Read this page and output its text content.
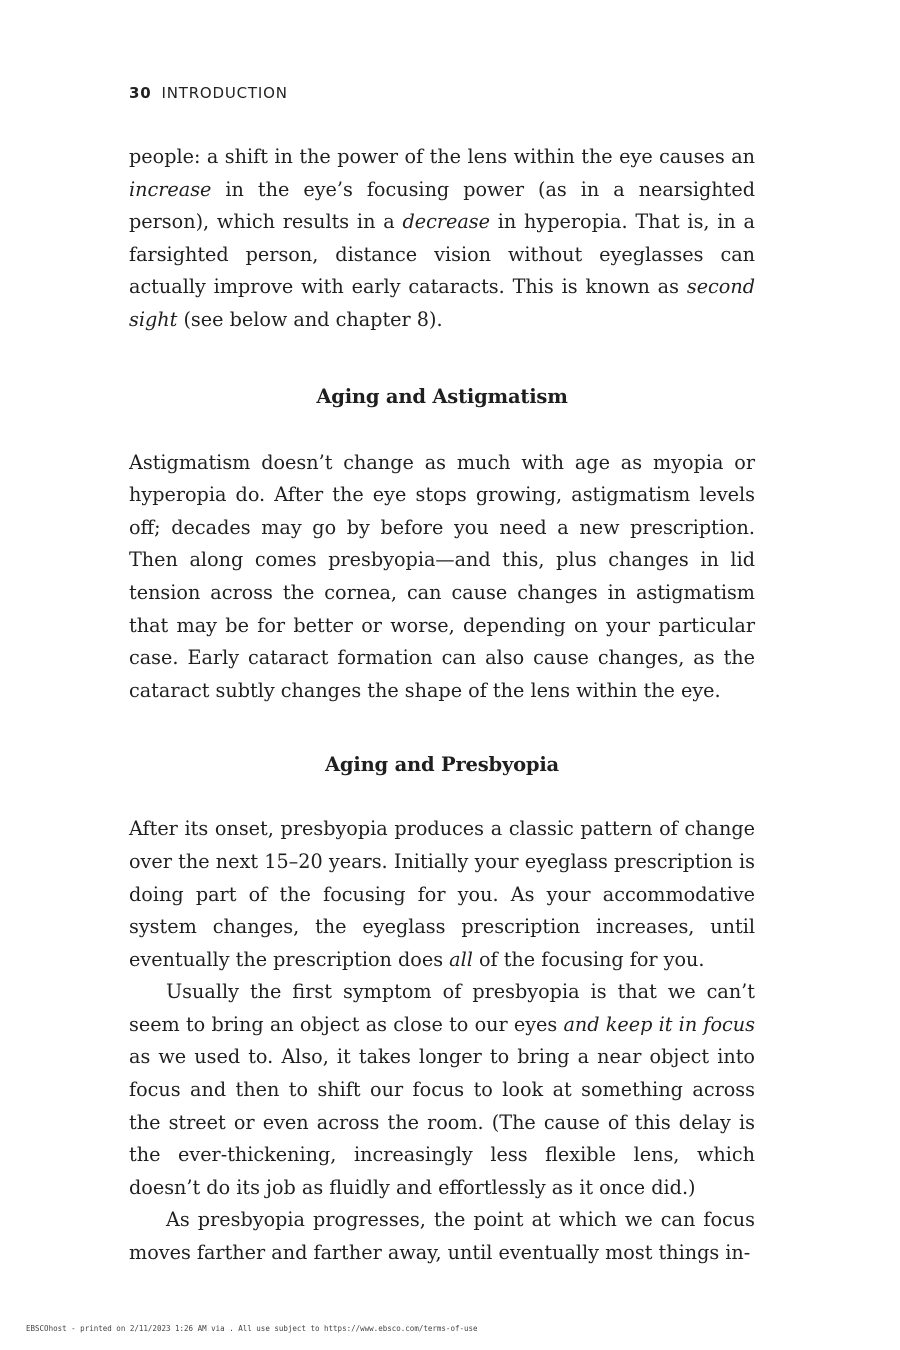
30 INTRODUCTION

people: a shift in the power of the lens within the eye causes an increase in the eye’s focusing power (as in a nearsighted person), which results in a decrease in hyperopia. That is, in a farsighted person, distance vision without eyeglasses can actually improve with early cataracts. This is known as second sight (see below and chapter 8).

Aging and Astigmatism

Astigmatism doesn’t change as much with age as myopia or hyperopia do. After the eye stops growing, astigmatism levels off; decades may go by before you need a new prescription. Then along comes presbyopia—and this, plus changes in lid tension across the cornea, can cause changes in astigmatism that may be for better or worse, depending on your particular case. Early cataract formation can also cause changes, as the cataract subtly changes the shape of the lens within the eye.

Aging and Presbyopia

After its onset, presbyopia produces a classic pattern of change over the next 15–20 years. Initially your eyeglass prescription is doing part of the focusing for you. As your accommodative system changes, the eyeglass prescription increases, until eventually the prescription does all of the focusing for you.

Usually the first symptom of presbyopia is that we can’t seem to bring an object as close to our eyes and keep it in focus as we used to. Also, it takes longer to bring a near object into focus and then to shift our focus to look at something across the street or even across the room. (The cause of this delay is the ever-thickening, increasingly less flexible lens, which doesn’t do its job as fluidly and effortlessly as it once did.)

As presbyopia progresses, the point at which we can focus moves farther and farther away, until eventually most things in-

EBSCOhost - printed on 2/11/2023 1:26 AM via . All use subject to https://www.ebsco.com/terms-of-use
